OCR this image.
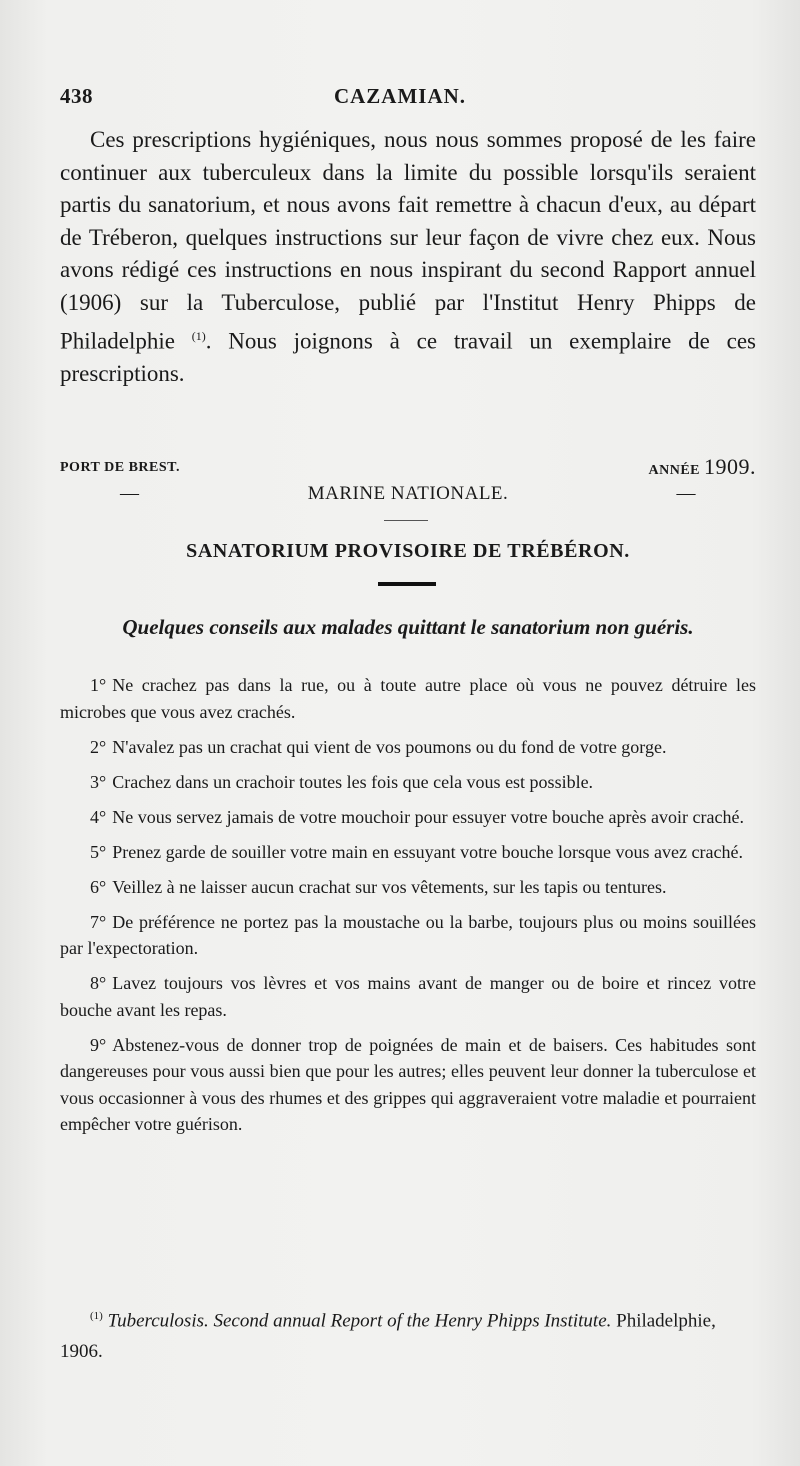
438	CAZAMIAN.
Ces prescriptions hygiéniques, nous nous sommes proposé de les faire continuer aux tuberculeux dans la limite du possible lorsqu'ils seraient partis du sanatorium, et nous avons fait remettre à chacun d'eux, au départ de Tréberon, quelques instructions sur leur façon de vivre chez eux. Nous avons rédigé ces instructions en nous inspirant du second Rapport annuel (1906) sur la Tuberculose, publié par l'Institut Henry Phipps de Philadelphie $^{(1)}$. Nous joignons à ce travail un exemplaire de ces prescriptions.
PORT DE BREST.	ANNÉE 1909.
—	MARINE NATIONALE.	—
SANATORIUM PROVISOIRE DE TRÉBÉRON.
Quelques conseils aux malades quittant le sanatorium non guéris.

1° Ne crachez pas dans la rue, ou à toute autre place où vous ne pouvez détruire les microbes que vous avez crachés.

2° N'avalez pas un crachat qui vient de vos poumons ou du fond de votre gorge.

3° Crachez dans un crachoir toutes les fois que cela vous est possible.

4° Ne vous servez jamais de votre mouchoir pour essuyer votre bouche après avoir craché.

5° Prenez garde de souiller votre main en essuyant votre bouche lorsque vous avez craché.

6° Veillez à ne laisser aucun crachat sur vos vêtements, sur les tapis ou tentures.

7° De préférence ne portez pas la moustache ou la barbe, toujours plus ou moins souillées par l'expectoration.

8° Lavez toujours vos lèvres et vos mains avant de manger ou de boire et rincez votre bouche avant les repas.

9° Abstenez-vous de donner trop de poignées de main et de baisers. Ces habitudes sont dangereuses pour vous aussi bien que pour les autres; elles peuvent leur donner la tuberculose et vous occasionner à vous des rhumes et des grippes qui aggraveraient votre maladie et pourraient empêcher votre guérison.

$^{(1)}$ Tuberculosis. Second annual Report of the Henry Phipps Institute. Philadelphie, 1906.
